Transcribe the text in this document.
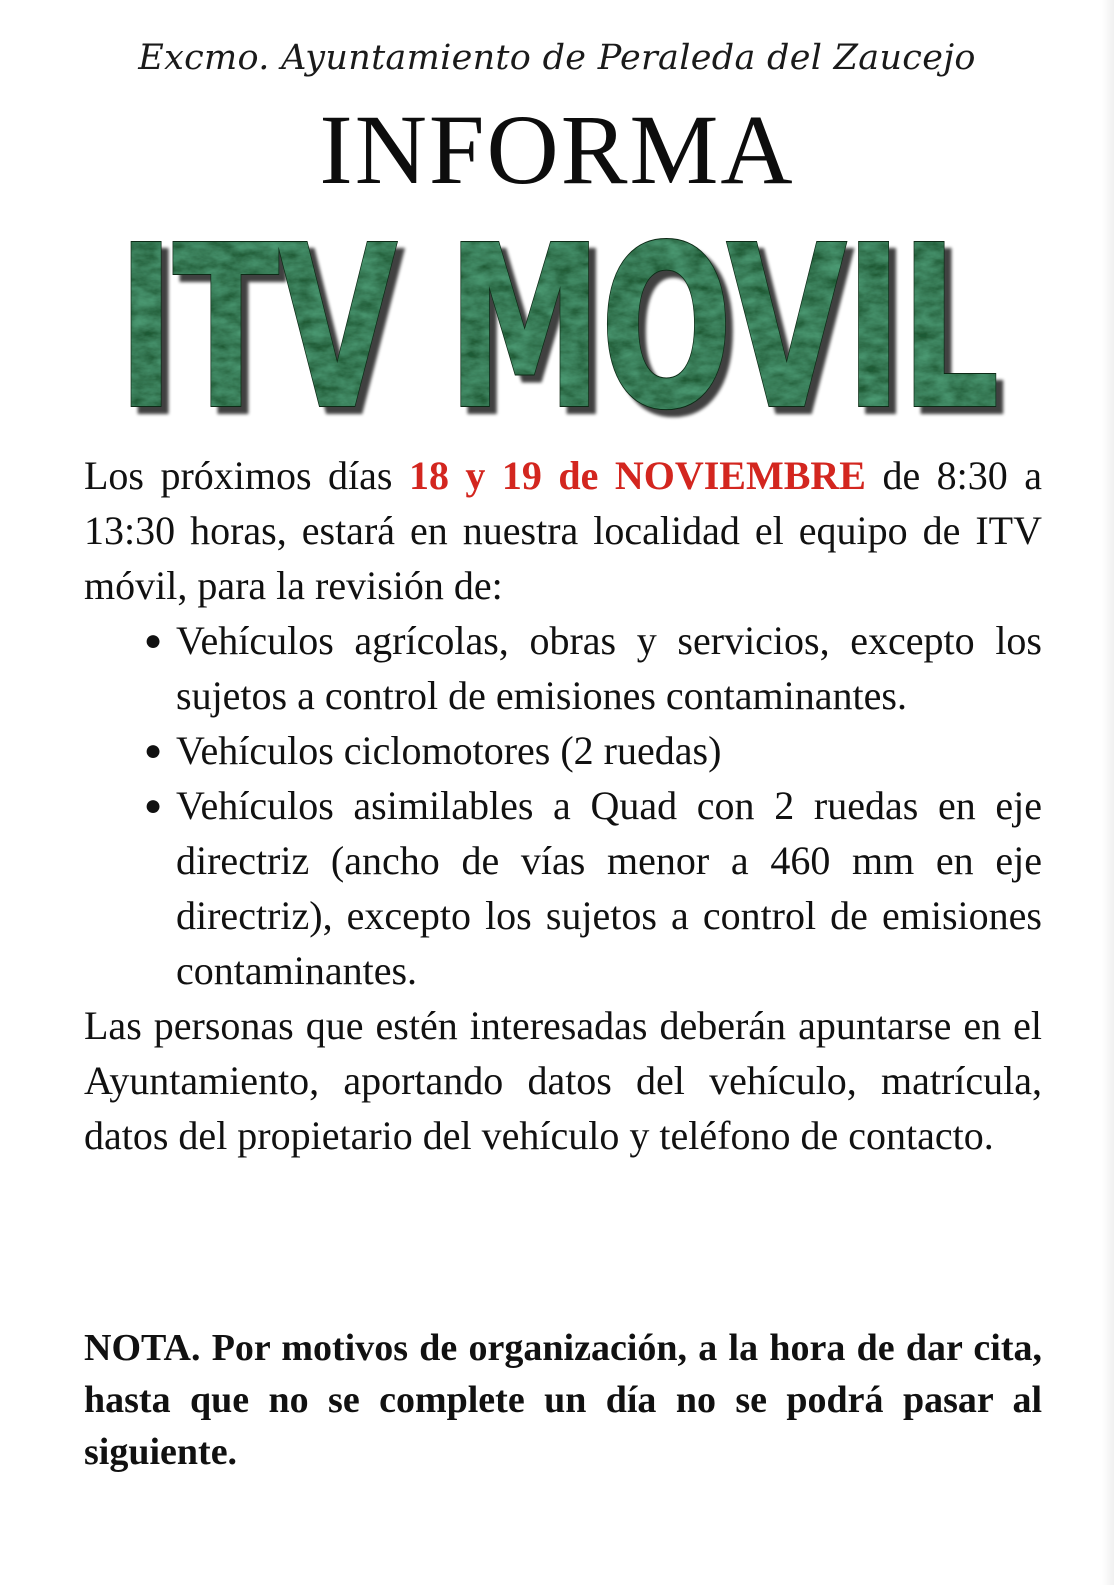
Excmo. Ayuntamiento de Peraleda del Zaucejo
INFORMA
ITV MOVIL
ITV MOVIL

Los próximos días 18 y 19 de NOVIEMBRE de 8:30 a 13:30 horas, estará en nuestra localidad el equipo de ITV móvil, para la revisión de:

● Vehículos agrícolas, obras y servicios, excepto los sujetos a control de emisiones contaminantes.
● Vehículos ciclomotores (2 ruedas)
● Vehículos asimilables a Quad con 2 ruedas en eje directriz (ancho de vías menor a 460 mm en eje directriz), excepto los sujetos a control de emisiones contaminantes.

Las personas que estén interesadas deberán apuntarse en el Ayuntamiento, aportando datos del vehículo, matrícula, datos del propietario del vehículo y teléfono de contacto.

NOTA. Por motivos de organización, a la hora de dar cita, hasta que no se complete un día no se podrá pasar al siguiente.
